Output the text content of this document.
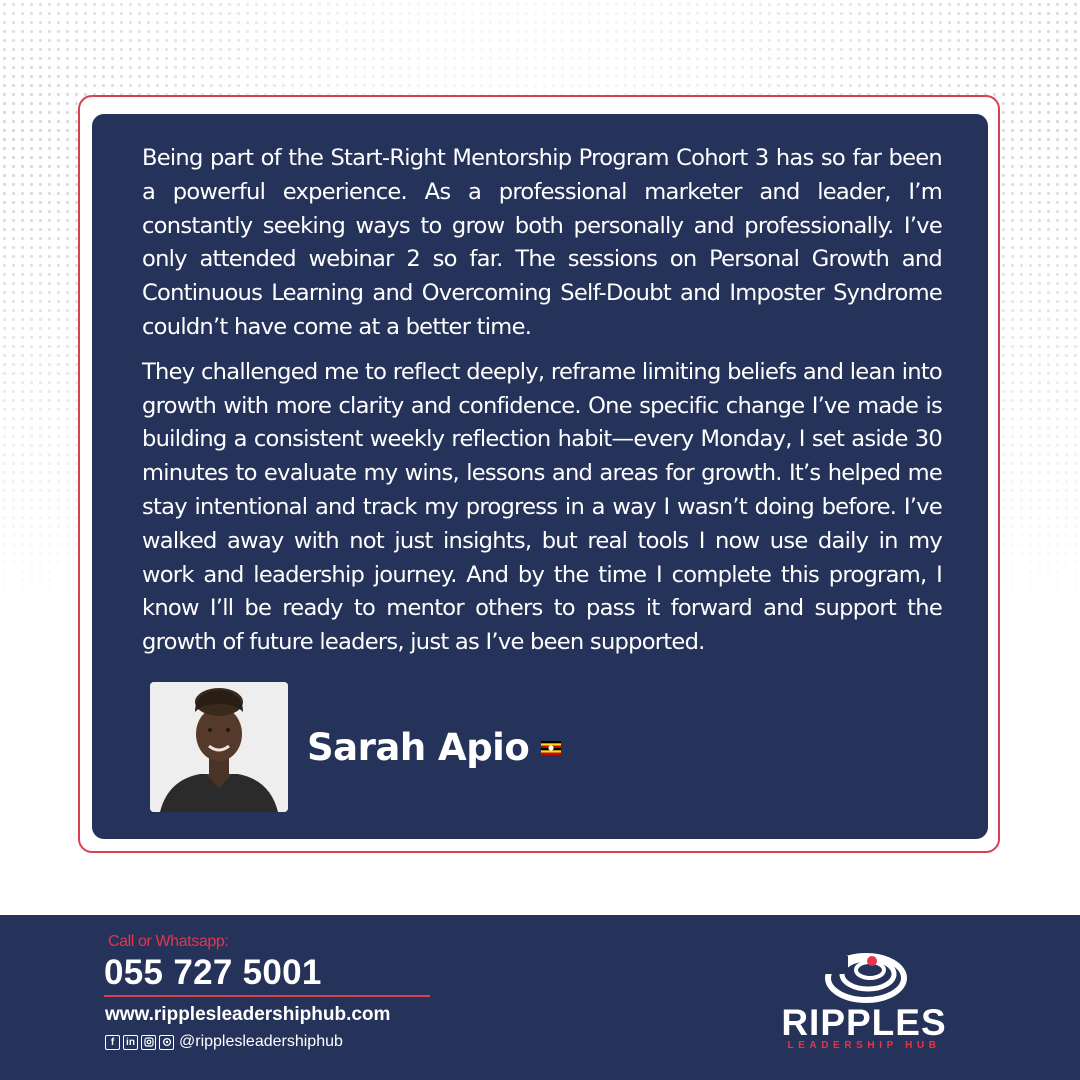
Being part of the Start-Right Mentorship Program Cohort 3 has so far been a powerful experience. As a professional marketer and leader, I’m constantly seeking ways to grow both personally and professionally. I’ve only attended webinar 2 so far. The sessions on Personal Growth and Continuous Learning and Overcoming Self-Doubt and Imposter Syndrome couldn’t have come at a better time.

They challenged me to reflect deeply, reframe limiting beliefs and lean into growth with more clarity and confidence. One specific change I’ve made is building a consistent weekly reflection habit—every Monday, I set aside 30 minutes to evaluate my wins, lessons and areas for growth. It’s helped me stay intentional and track my progress in a way I wasn’t doing before. I’ve walked away with not just insights, but real tools I now use daily in my work and leadership journey. And by the time I complete this program, I know I’ll be ready to mentor others to pass it forward and support the growth of future leaders, just as I’ve been supported.

Sarah Apio
Call or Whatsapp:
055 727 5001
www.ripplesleadershiphub.com
f	in	@ripplesleadershiphub	RIPPLES
LEADERSHIP HUB
